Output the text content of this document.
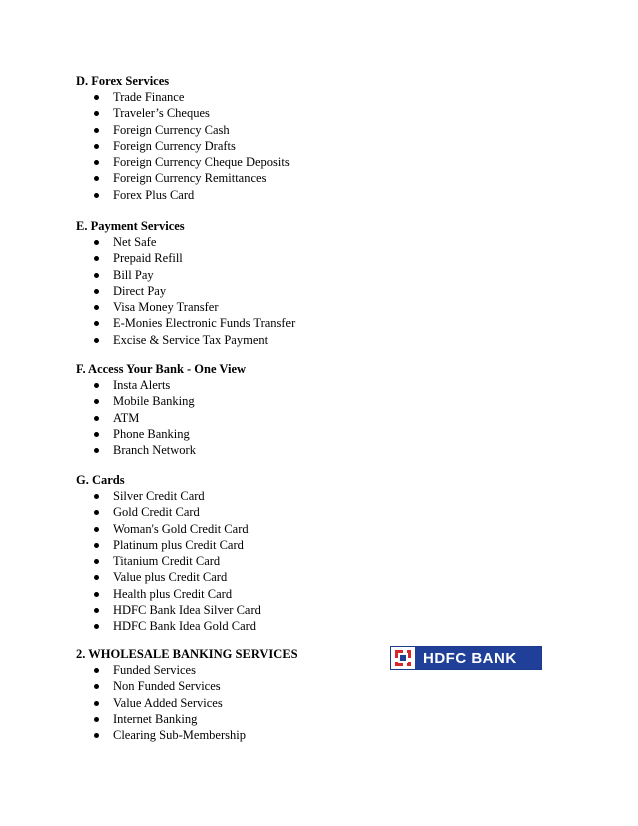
D. Forex Services
Trade Finance
Traveler’s Cheques
Foreign Currency Cash
Foreign Currency Drafts
Foreign Currency Cheque Deposits
Foreign Currency Remittances
Forex Plus Card
E. Payment Services
Net Safe
Prepaid Refill
Bill Pay
Direct Pay
Visa Money Transfer
E-Monies Electronic Funds Transfer
Excise & Service Tax Payment
F. Access Your Bank - One View
Insta Alerts
Mobile Banking
ATM
Phone Banking
Branch Network
G. Cards
Silver Credit Card
Gold Credit Card
Woman's Gold Credit Card
Platinum plus Credit Card
Titanium Credit Card
Value plus Credit Card
Health plus Credit Card
HDFC Bank Idea Silver Card
HDFC Bank Idea Gold Card
2. WHOLESALE BANKING SERVICES
Funded Services
Non Funded Services
Value Added Services
Internet Banking
Clearing Sub-Membership
HDFC BANK
